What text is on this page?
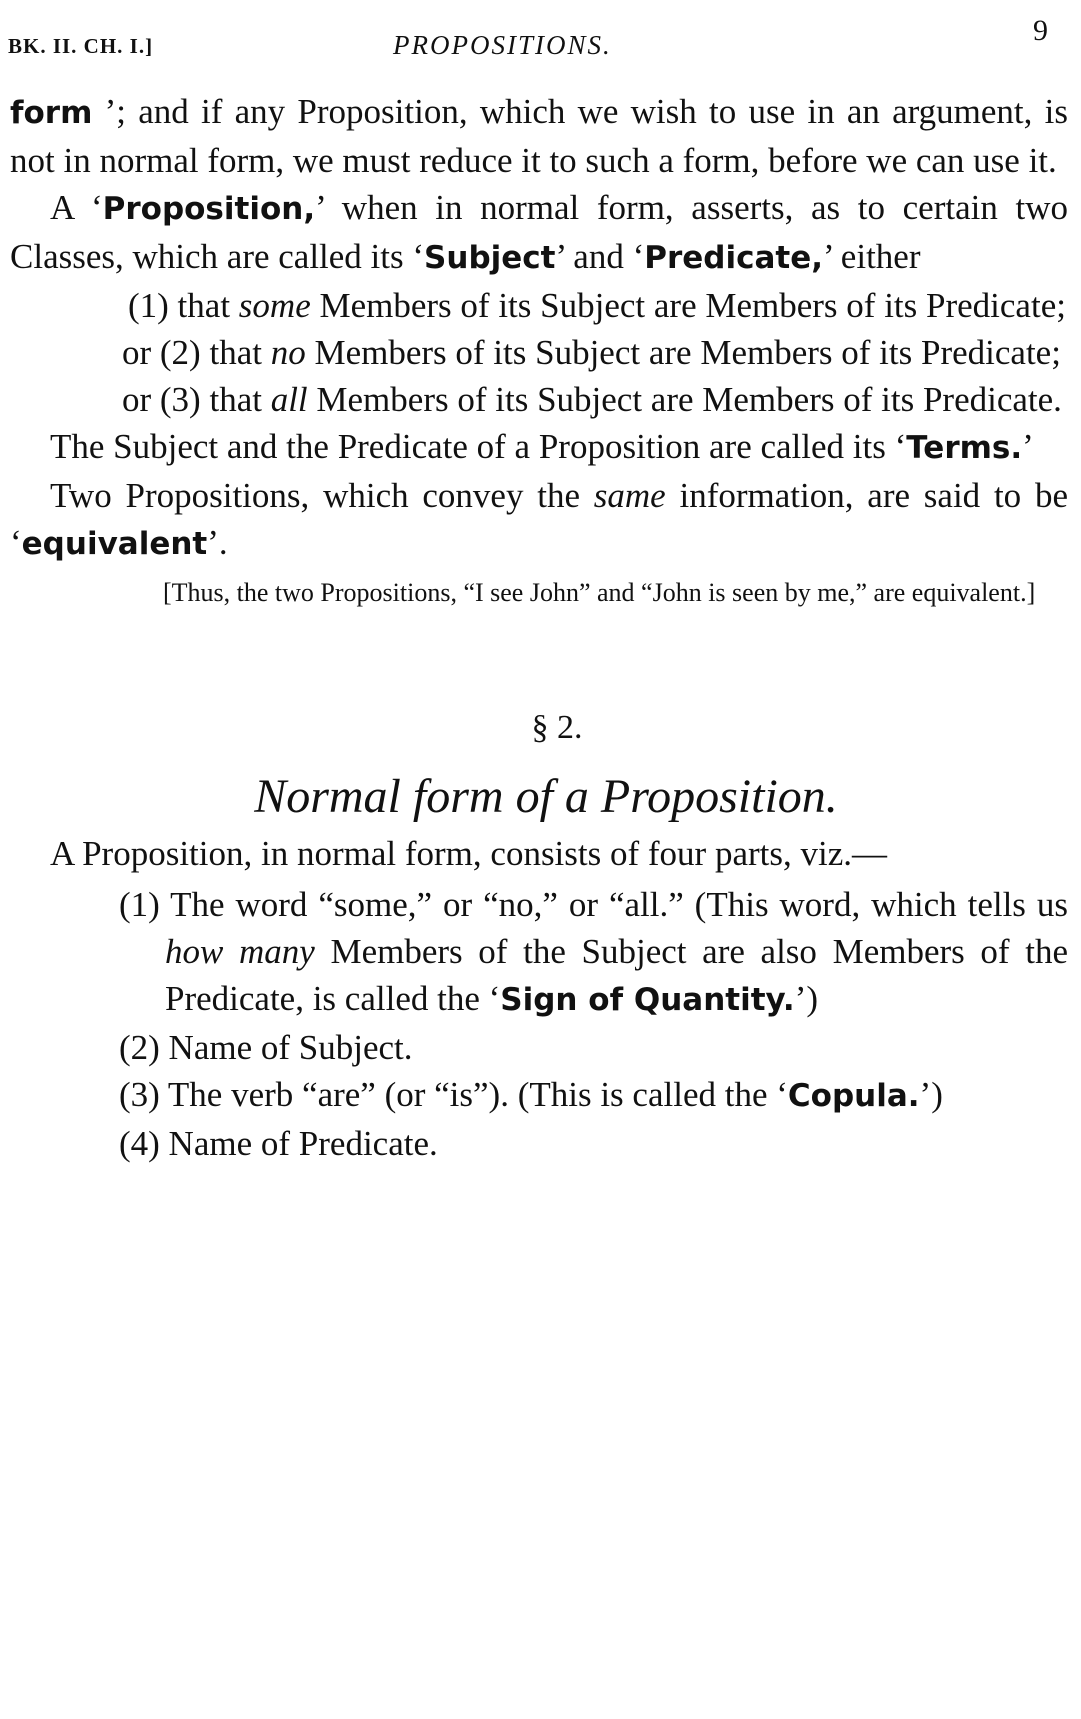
BK. II. CH. I.]	PROPOSITIONS.	9

form ’; and if any Proposition, which we wish to use in an argument, is not in normal form, we must reduce it to such a form, before we can use it.

A ‘Proposition,’ when in normal form, asserts, as to certain two Classes, which are called its ‘Subject’ and ‘Predicate,’ either

(1) that some Members of its Subject are Members of its Predicate;

or (2) that no Members of its Subject are Members of its Predicate;

or (3) that all Members of its Subject are Members of its Predicate.

The Subject and the Predicate of a Proposition are called its ‘Terms.’

Two Propositions, which convey the same information, are said to be ‘equivalent’.

[Thus, the two Propositions, “I see John” and “John is seen by me,” are equivalent.]

§ 2.
Normal form of a Proposition.

A Proposition, in normal form, consists of four parts, viz.—

(1) The word “some,” or “no,” or “all.” (This word, which tells us how many Members of the Subject are also Members of the Predicate, is called the ‘Sign of Quantity.’)

(2) Name of Subject.

(3) The verb “are” (or “is”). (This is called the ‘Copula.’)

(4) Name of Predicate.
